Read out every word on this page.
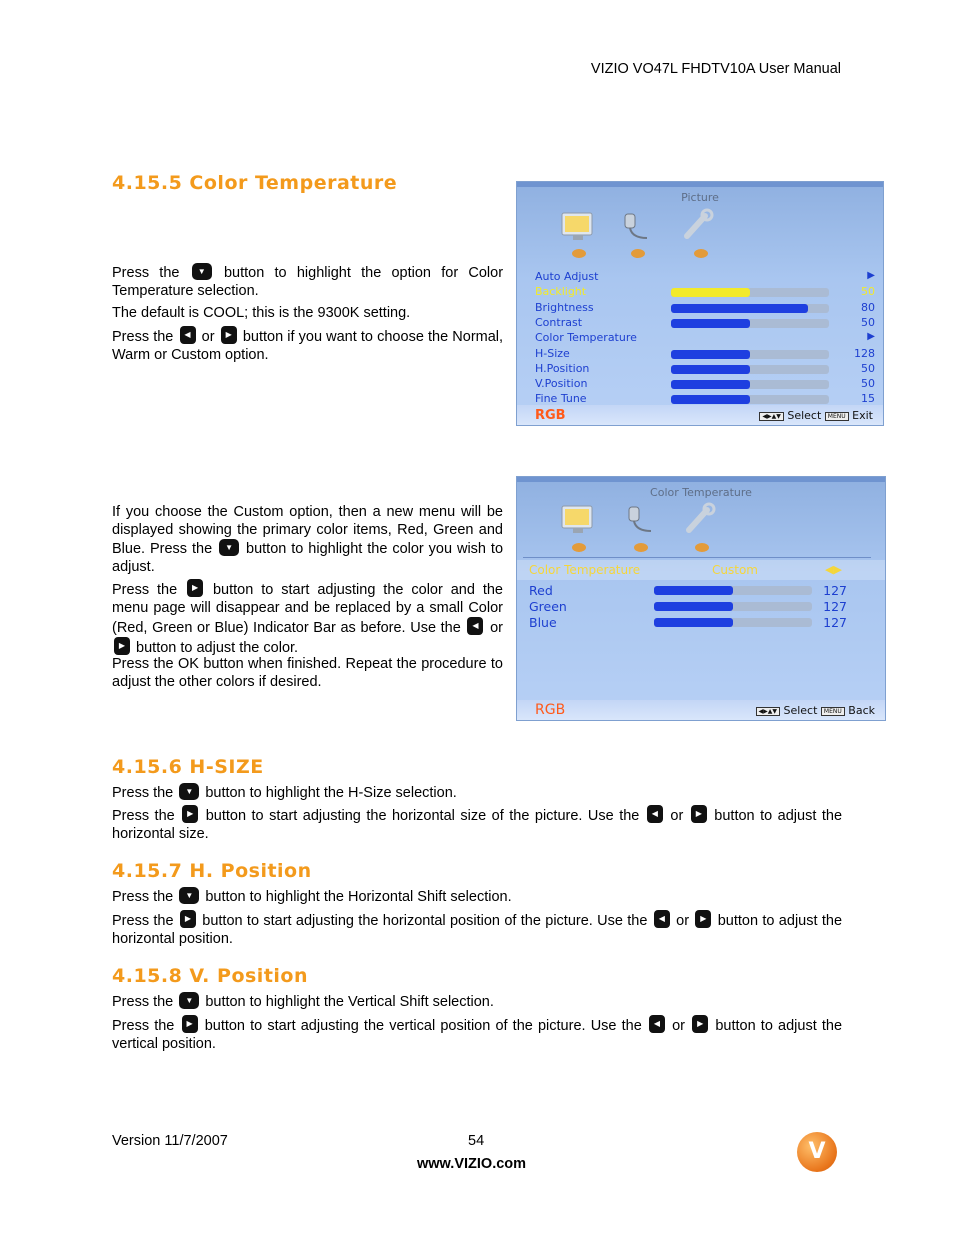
VIZIO VO47L FHDTV10A User Manual
4.15.5 Color Temperature
Press the	▼	button to highlight the option for Color Temperature selection.
The default is COOL; this is the 9300K setting.
Press the	◀ or	▶ button if you want to choose the Normal, Warm or Custom option.
If you choose the Custom option, then a new menu will be displayed showing the primary color items, Red, Green and Blue. Press the	▼ button to highlight the color you wish to adjust.
Press the	▶	button to start adjusting the color and the menu page will disappear and be replaced by a small Color (Red, Green or Blue) Indicator Bar as before. Use the	◀ or
▶ button to adjust the color.
Press the OK button when finished. Repeat the procedure to adjust the other colors if desired.
Picture
Auto Adjust	▶
Backlight	50
Brightness	80
Contrast	50
Color Temperature	▶
H-Size	128
H.Position	50
V.Position	50
Fine Tune	15
RGB	◀▶▲▼ Select MENU Exit
Color Temperature
Color Temperature	Custom	◀▶
Red	127
Green	127
Blue	127
RGB	◀▶▲▼ Select MENU Back
4.15.6 H-SIZE
Press the	▼ button to highlight the H-Size selection.
Press the	▶ button to start adjusting the horizontal size of the picture. Use the	◀ or	▶ button to adjust the horizontal size.
4.15.7 H. Position
Press the	▼ button to highlight the Horizontal Shift selection.
Press the	▶ button to start adjusting the horizontal position of the picture. Use the	◀ or	▶ button to adjust the horizontal position.
4.15.8 V. Position
Press the	▼ button to highlight the Vertical Shift selection.
Press the	▶ button to start adjusting the vertical position of the picture. Use the	◀ or	▶ button to adjust the vertical position.
Version 11/7/2007	54
www.VIZIO.com	V
